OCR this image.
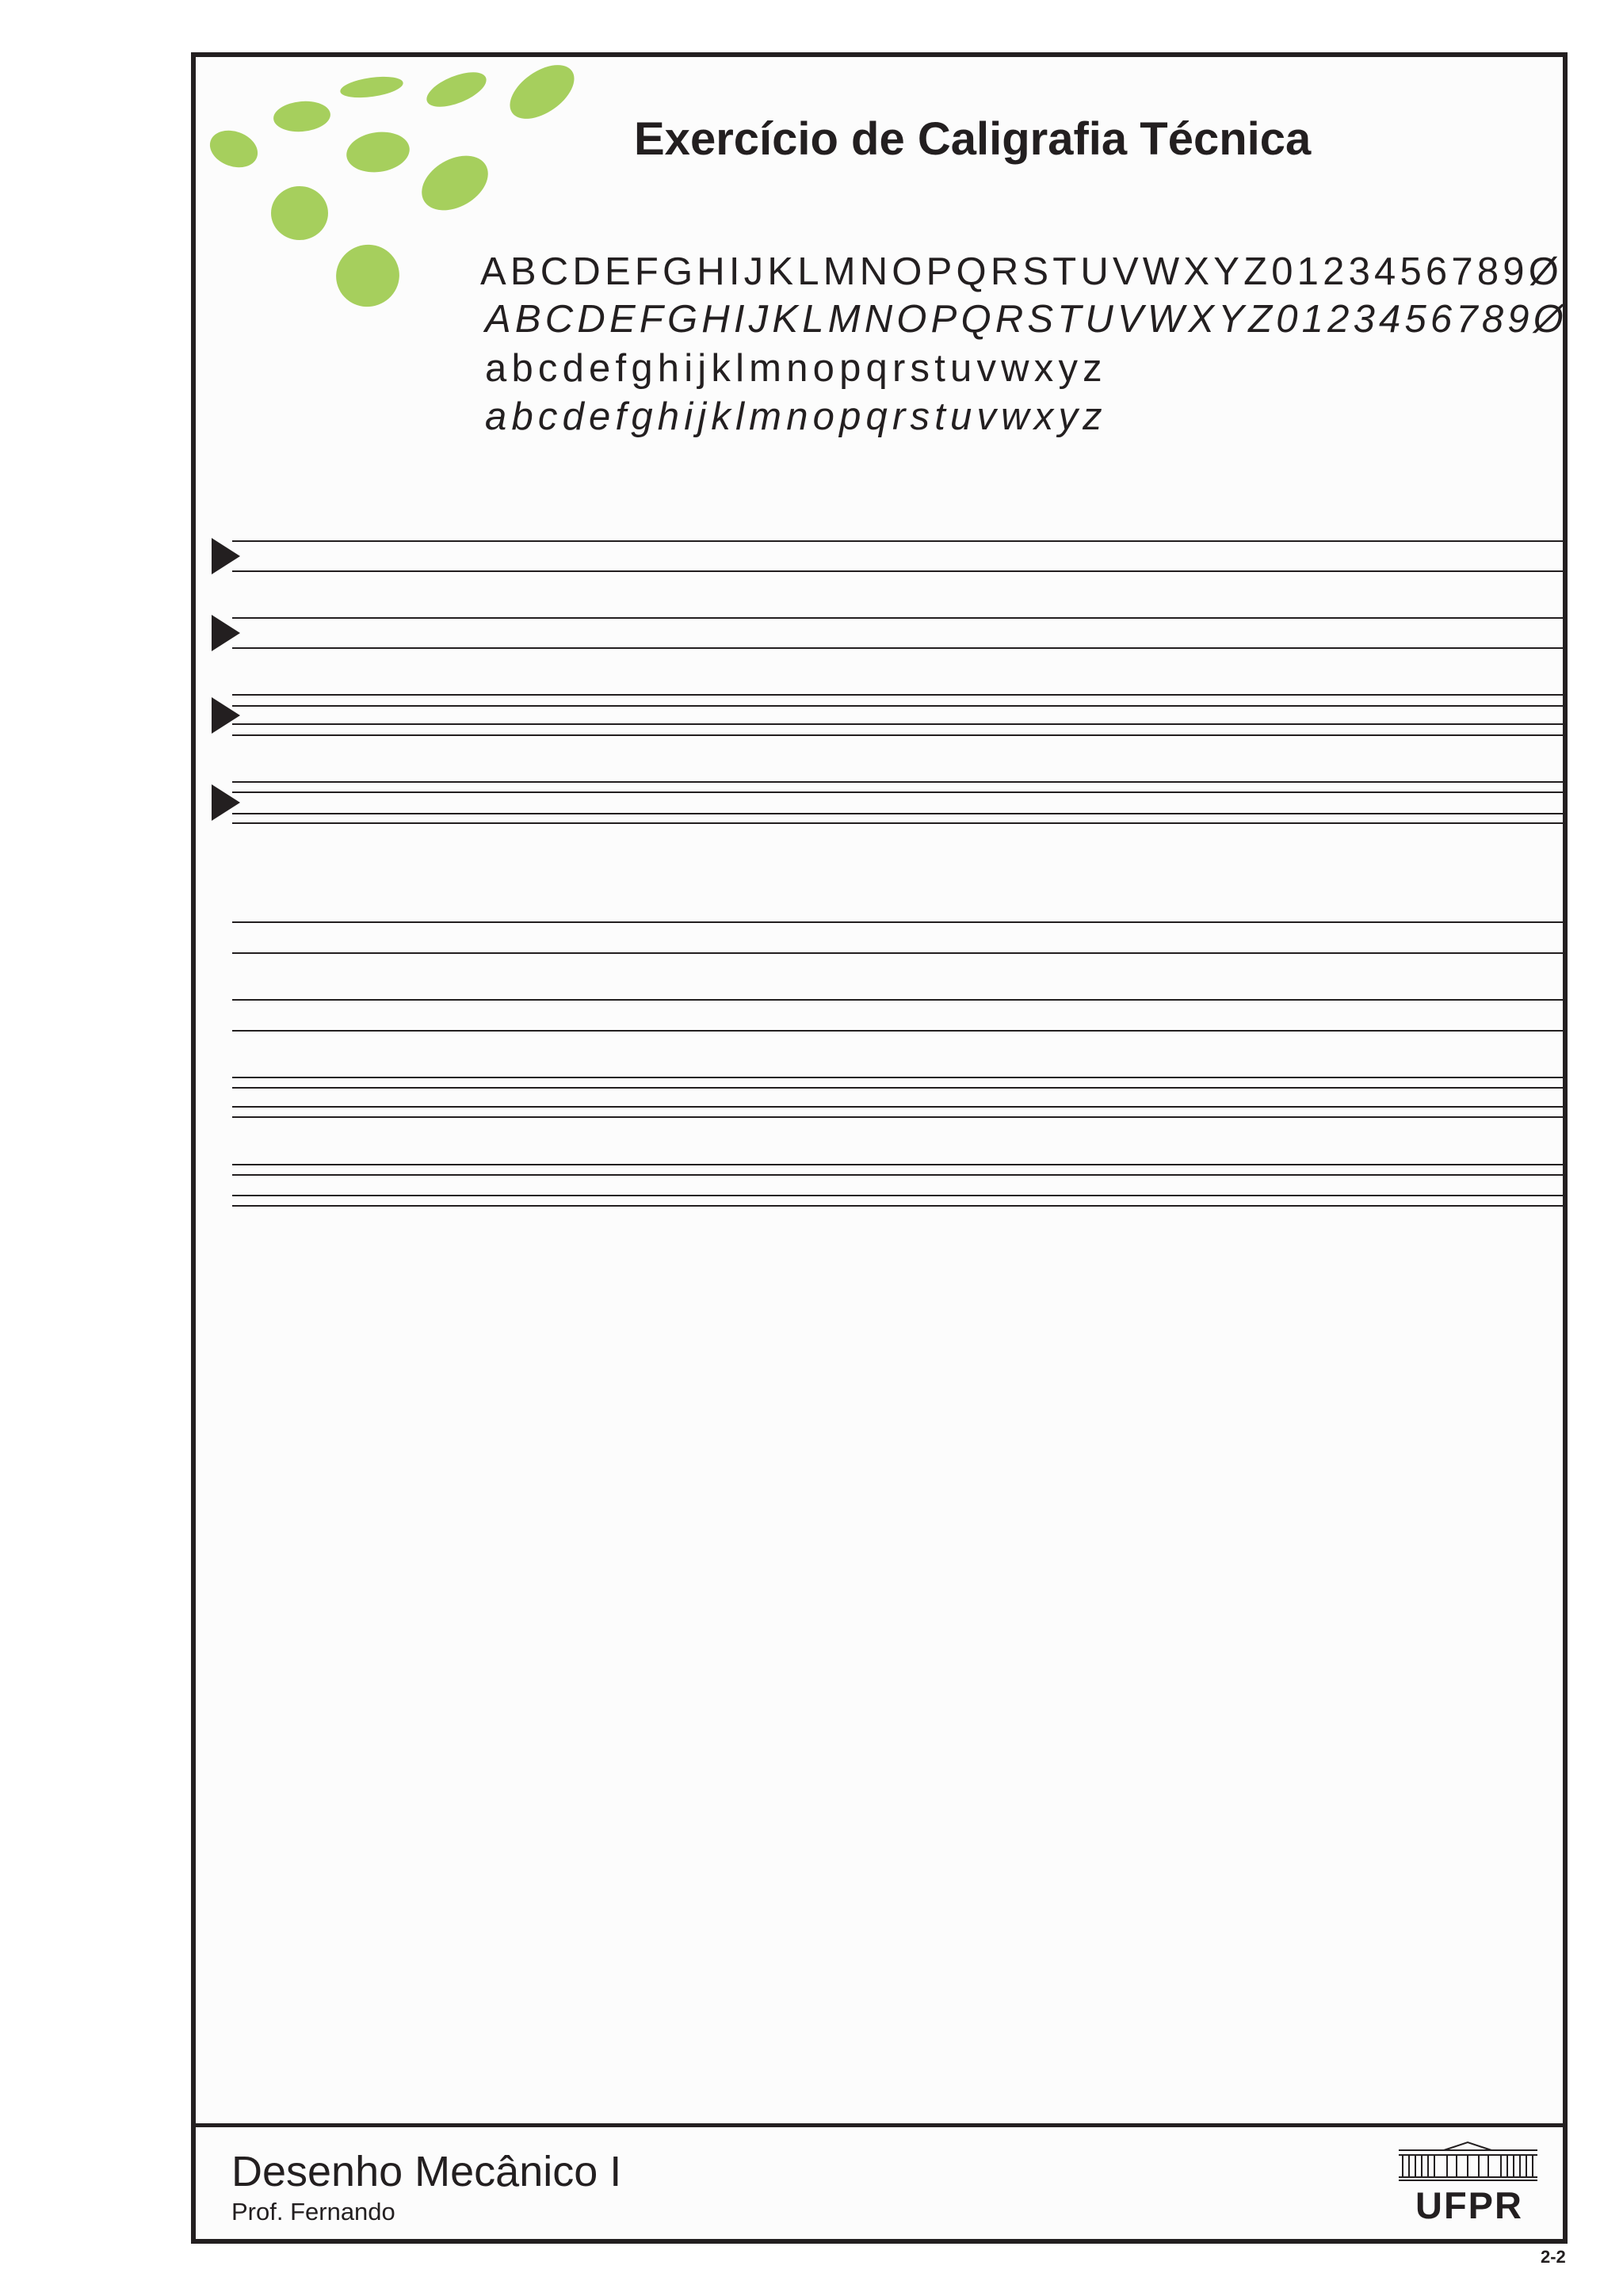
Exercício de Caligrafia Técnica
ABCDEFGHIJKLMNOPQRSTUVWXYZ0123456789Ø
ABCDEFGHIJKLMNOPQRSTUVWXYZ0123456789Ø
abcdefghijklmnopqrstuvwxyz
abcdefghijklmnopqrstuvwxyz
Desenho Mecânico I
Prof. Fernando	UFPR
2-2
